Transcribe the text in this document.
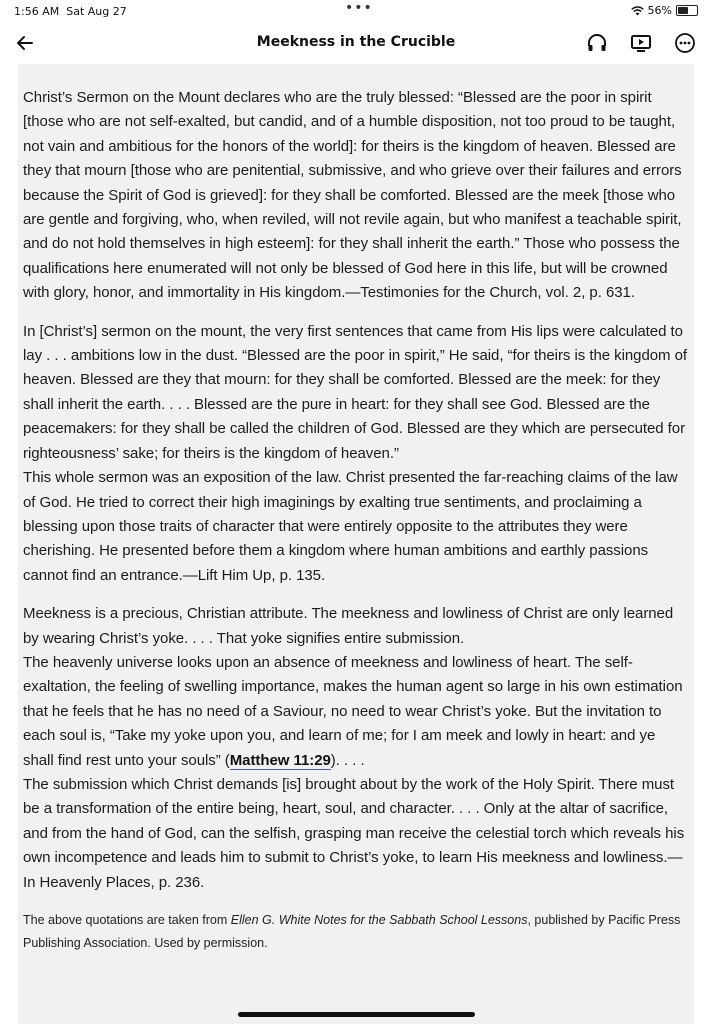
1:56 AM Sat Aug 27	•••	56%
Meekness in the Crucible

Christ’s Sermon on the Mount declares who are the truly blessed: “Blessed are the poor in spirit [those who are not self-exalted, but candid, and of a humble disposition, not too proud to be taught, not vain and ambitious for the honors of the world]: for theirs is the kingdom of heaven. Blessed are they that mourn [those who are penitential, submissive, and who grieve over their failures and errors because the Spirit of God is grieved]: for they shall be comforted. Blessed are the meek [those who are gentle and forgiving, who, when reviled, will not revile again, but who manifest a teachable spirit, and do not hold themselves in high esteem]: for they shall inherit the earth.” Those who possess the qualifications here enumerated will not only be blessed of God here in this life, but will be crowned with glory, honor, and immortality in His kingdom.—Testimonies for the Church, vol. 2, p. 631.

In [Christ’s] sermon on the mount, the very first sentences that came from His lips were calculated to lay . . . ambitions low in the dust. “Blessed are the poor in spirit,” He said, “for theirs is the kingdom of heaven. Blessed are they that mourn: for they shall be comforted. Blessed are the meek: for they shall inherit the earth. . . . Blessed are the pure in heart: for they shall see God. Blessed are the peacemakers: for they shall be called the children of God. Blessed are they which are persecuted for righteousness’ sake; for theirs is the kingdom of heaven.”

This whole sermon was an exposition of the law. Christ presented the far-reaching claims of the law of God. He tried to correct their high imaginings by exalting true sentiments, and proclaiming a blessing upon those traits of character that were entirely opposite to the attributes they were cherishing. He presented before them a kingdom where human ambitions and earthly passions cannot find an entrance.—Lift Him Up, p. 135.

Meekness is a precious, Christian attribute. The meekness and lowliness of Christ are only learned by wearing Christ’s yoke. . . . That yoke signifies entire submission.

The heavenly universe looks upon an absence of meekness and lowliness of heart. The self-exaltation, the feeling of swelling importance, makes the human agent so large in his own estimation that he feels that he has no need of a Saviour, no need to wear Christ’s yoke. But the invitation to each soul is, “Take my yoke upon you, and learn of me; for I am meek and lowly in heart: and ye shall find rest unto your souls” (Matthew 11:29). . . .

The submission which Christ demands [is] brought about by the work of the Holy Spirit. There must be a transformation of the entire being, heart, soul, and character. . . . Only at the altar of sacrifice, and from the hand of God, can the selfish, grasping man receive the celestial torch which reveals his own incompetence and leads him to submit to Christ’s yoke, to learn His meekness and lowliness.—In Heavenly Places, p. 236.

The above quotations are taken from Ellen G. White Notes for the Sabbath School Lessons, published by Pacific Press Publishing Association. Used by permission.
